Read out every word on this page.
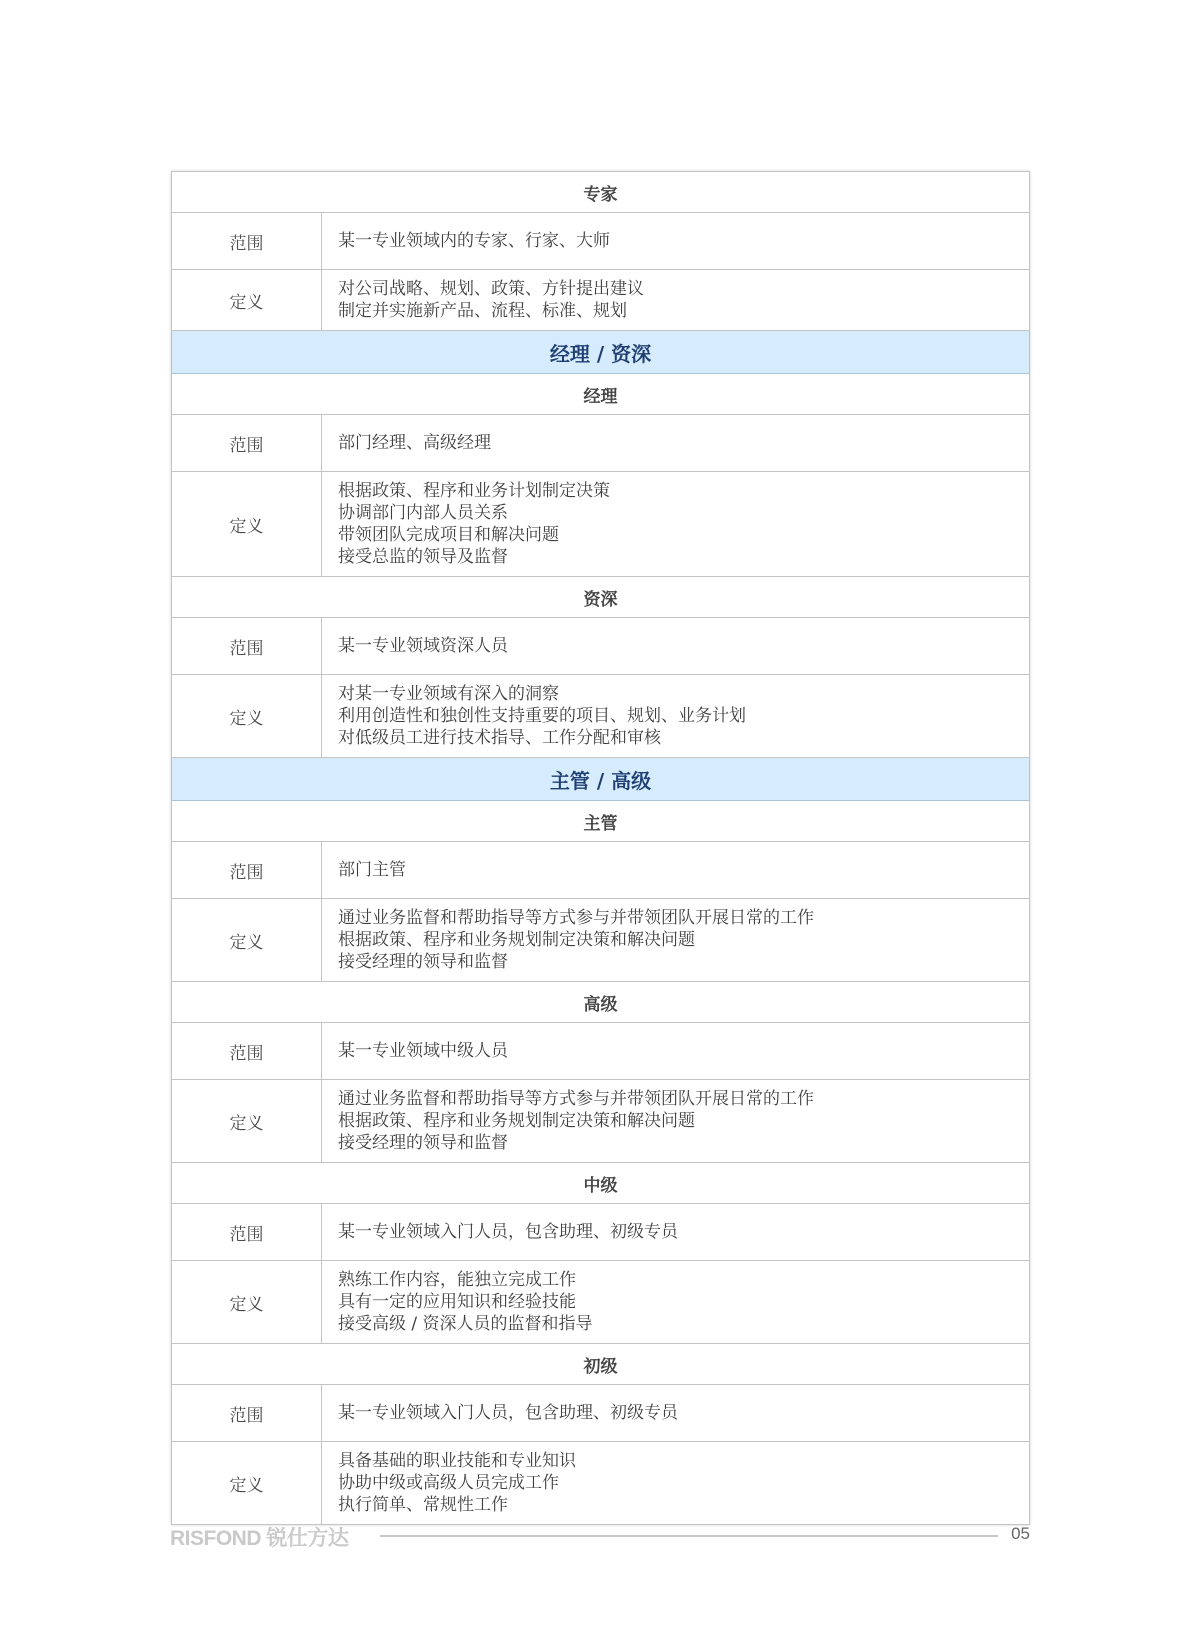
专家	
范围	某一专业领域内的专家、行家、大师
定义	对公司战略、规划、政策、方针提出建议
制定并实施新产品、流程、标准、规划

经理 / 资深	
经理	
范围	部门经理、高级经理
定义	根据政策、程序和业务计划制定决策
协调部门内部人员关系
带领团队完成项目和解决问题
接受总监的领导及监督

资深	
范围	某一专业领域资深人员
定义	对某一专业领域有深入的洞察
利用创造性和独创性支持重要的项目、规划、业务计划
对低级员工进行技术指导、工作分配和审核

主管 / 高级	
主管	
范围	部门主管
定义	通过业务监督和帮助指导等方式参与并带领团队开展日常的工作
根据政策、程序和业务规划制定决策和解决问题
接受经理的领导和监督

高级	
范围	某一专业领域中级人员
定义	通过业务监督和帮助指导等方式参与并带领团队开展日常的工作
根据政策、程序和业务规划制定决策和解决问题
接受经理的领导和监督

中级	
范围	某一专业领域入门人员，包含助理、初级专员
定义	熟练工作内容，能独立完成工作
具有一定的应用知识和经验技能
接受高级 / 资深人员的监督和指导

初级	
范围	某一专业领域入门人员，包含助理、初级专员
定义	具备基础的职业技能和专业知识
协助中级或高级人员完成工作
执行简单、常规性工作
RISFOND 锐仕方达	05
